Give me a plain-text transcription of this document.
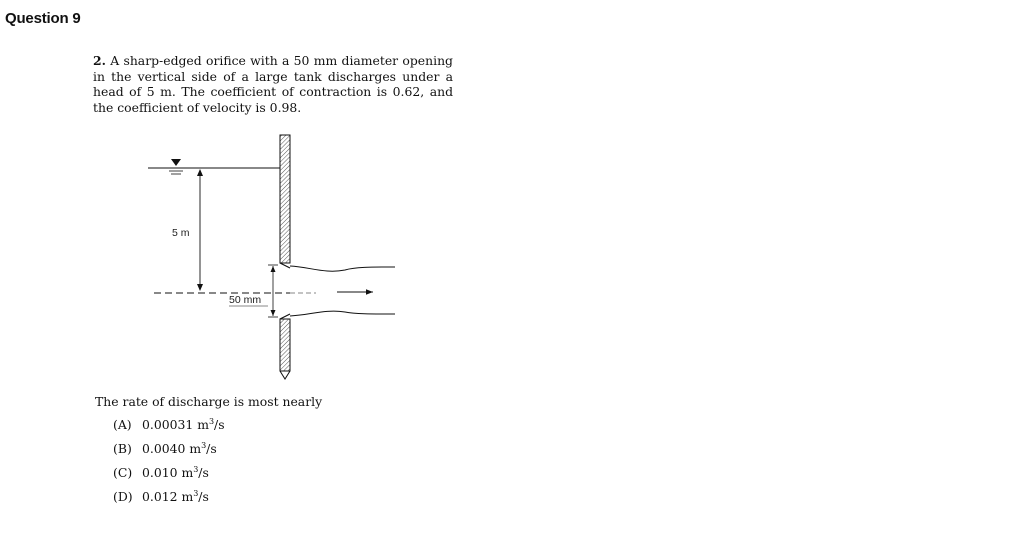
Question 9
2. A sharp-edged orifice with a 50 mm diameter opening in the vertical side of a large tank discharges under a head of 5 m. The coefficient of contraction is 0.62, and the coefficient of velocity is 0.98.
5 m
50 mm
The rate of discharge is most nearly
(A) 0.00031 $m^3/s$
(B) 0.0040 $m^3/s$
(C) 0.010 $m^3/s$
(D) 0.012 $m^3/s$
